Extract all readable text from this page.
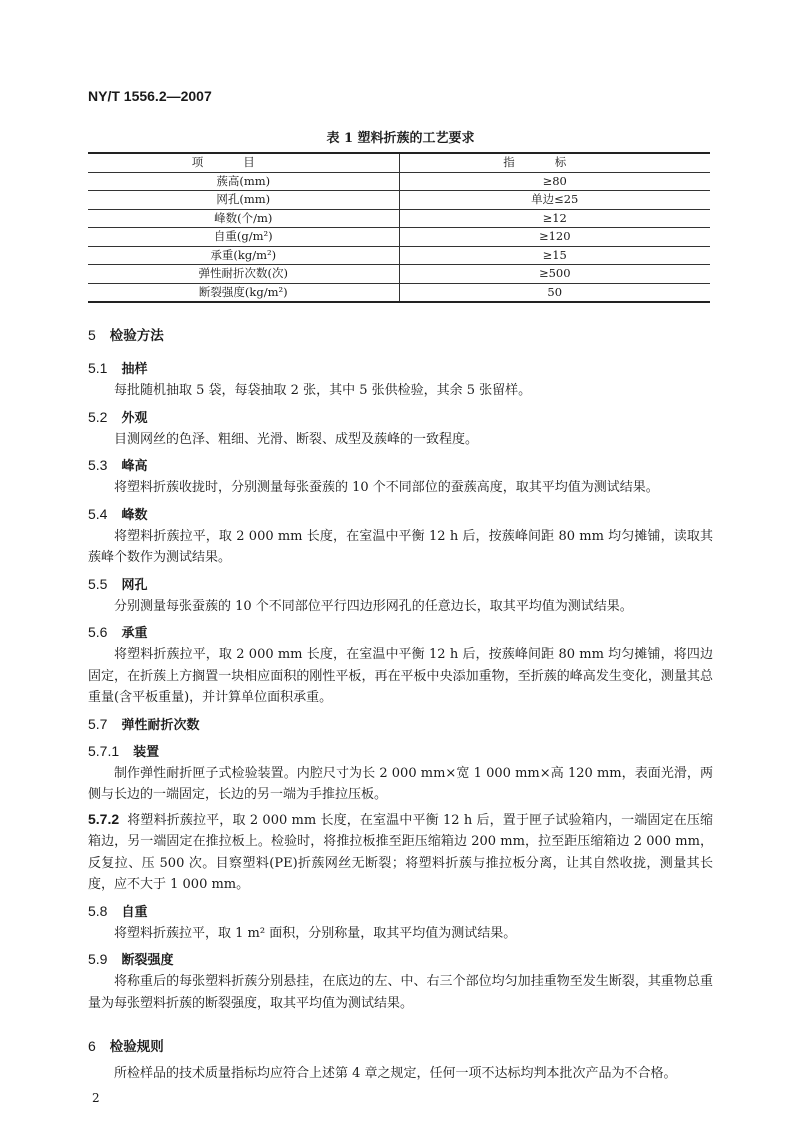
NY/T 1556.2—2007
表 1 塑料折蔟的工艺要求
项目	指标
蔟高(mm)	≥80
网孔(mm)	单边≤25
峰数(个/m)	≥12
自重(g/m²)	≥120
承重(kg/m²)	≥15
弹性耐折次数(次)	≥500
断裂强度(kg/m²)	50
5 检验方法
5.1 抽样
每批随机抽取 5 袋，每袋抽取 2 张，其中 5 张供检验，其余 5 张留样。
5.2 外观
目测网丝的色泽、粗细、光滑、断裂、成型及蔟峰的一致程度。
5.3 峰高
将塑料折蔟收拢时，分别测量每张蚕蔟的 10 个不同部位的蚕蔟高度，取其平均值为测试结果。
5.4 峰数
将塑料折蔟拉平，取 2 000 mm 长度，在室温中平衡 12 h 后，按蔟峰间距 80 mm 均匀摊铺，读取其蔟峰个数作为测试结果。
5.5 网孔
分别测量每张蚕蔟的 10 个不同部位平行四边形网孔的任意边长，取其平均值为测试结果。
5.6 承重
将塑料折蔟拉平，取 2 000 mm 长度，在室温中平衡 12 h 后，按蔟峰间距 80 mm 均匀摊铺，将四边固定，在折蔟上方搁置一块相应面积的刚性平板，再在平板中央添加重物，至折蔟的峰高发生变化，测量其总重量(含平板重量)，并计算单位面积承重。
5.7 弹性耐折次数
5.7.1 装置
制作弹性耐折匣子式检验装置。内腔尺寸为长 2 000 mm×宽 1 000 mm×高 120 mm，表面光滑，两侧与长边的一端固定，长边的另一端为手推拉压板。
5.7.2 将塑料折蔟拉平，取 2 000 mm 长度，在室温中平衡 12 h 后，置于匣子试验箱内，一端固定在压缩箱边，另一端固定在推拉板上。检验时，将推拉板推至距压缩箱边 200 mm，拉至距压缩箱边 2 000 mm，反复拉、压 500 次。目察塑料(PE)折蔟网丝无断裂；将塑料折蔟与推拉板分离，让其自然收拢，测量其长度，应不大于 1 000 mm。
5.8 自重
将塑料折蔟拉平，取 1 m² 面积，分别称量，取其平均值为测试结果。
5.9 断裂强度
将称重后的每张塑料折蔟分别悬挂，在底边的左、中、右三个部位均匀加挂重物至发生断裂，其重物总重量为每张塑料折蔟的断裂强度，取其平均值为测试结果。
6 检验规则
所检样品的技术质量指标均应符合上述第 4 章之规定，任何一项不达标均判本批次产品为不合格。
2
